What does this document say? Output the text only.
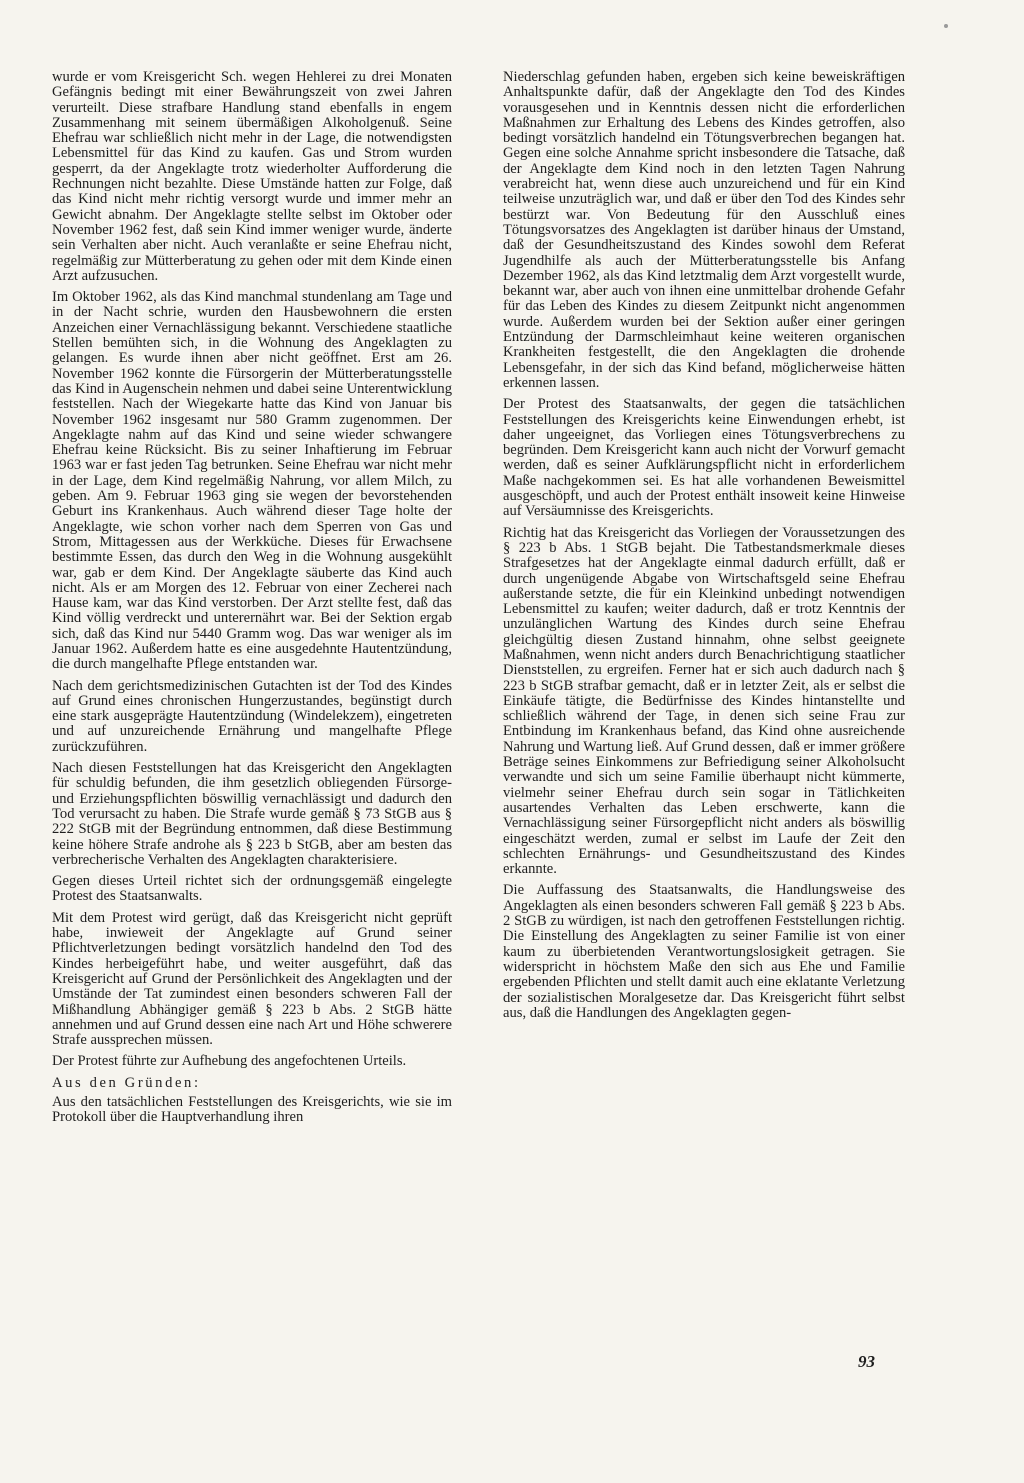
wurde er vom Kreisgericht Sch. wegen Hehlerei zu drei Monaten Gefängnis bedingt mit einer Bewährungszeit von zwei Jahren verurteilt. Diese strafbare Handlung stand ebenfalls in engem Zusammenhang mit seinem übermäßigen Alkoholgenuß. Seine Ehefrau war schließlich nicht mehr in der Lage, die notwendigsten Lebensmittel für das Kind zu kaufen. Gas und Strom wurden gesperrt, da der Angeklagte trotz wiederholter Aufforderung die Rechnungen nicht bezahlte. Diese Umstände hatten zur Folge, daß das Kind nicht mehr richtig versorgt wurde und immer mehr an Gewicht abnahm. Der Angeklagte stellte selbst im Oktober oder November 1962 fest, daß sein Kind immer weniger wurde, änderte sein Verhalten aber nicht. Auch veranlaßte er seine Ehefrau nicht, regelmäßig zur Mütterberatung zu gehen oder mit dem Kinde einen Arzt aufzusuchen.

Im Oktober 1962, als das Kind manchmal stundenlang am Tage und in der Nacht schrie, wurden den Hausbewohnern die ersten Anzeichen einer Vernachlässigung bekannt. Verschiedene staatliche Stellen bemühten sich, in die Wohnung des Angeklagten zu gelangen. Es wurde ihnen aber nicht geöffnet. Erst am 26. November 1962 konnte die Fürsorgerin der Mütterberatungsstelle das Kind in Augenschein nehmen und dabei seine Unterentwicklung feststellen. Nach der Wiegekarte hatte das Kind von Januar bis November 1962 insgesamt nur 580 Gramm zugenommen. Der Angeklagte nahm auf das Kind und seine wieder schwangere Ehefrau keine Rücksicht. Bis zu seiner Inhaftierung im Februar 1963 war er fast jeden Tag betrunken. Seine Ehefrau war nicht mehr in der Lage, dem Kind regelmäßig Nahrung, vor allem Milch, zu geben. Am 9. Februar 1963 ging sie wegen der bevorstehenden Geburt ins Krankenhaus. Auch während dieser Tage holte der Angeklagte, wie schon vorher nach dem Sperren von Gas und Strom, Mittagessen aus der Werkküche. Dieses für Erwachsene bestimmte Essen, das durch den Weg in die Wohnung ausgekühlt war, gab er dem Kind. Der Angeklagte säuberte das Kind auch nicht. Als er am Morgen des 12. Februar von einer Zecherei nach Hause kam, war das Kind verstorben. Der Arzt stellte fest, daß das Kind völlig verdreckt und unterernährt war. Bei der Sektion ergab sich, daß das Kind nur 5440 Gramm wog. Das war weniger als im Januar 1962. Außerdem hatte es eine ausgedehnte Hautentzündung, die durch mangelhafte Pflege entstanden war.

Nach dem gerichtsmedizinischen Gutachten ist der Tod des Kindes auf Grund eines chronischen Hungerzustandes, begünstigt durch eine stark ausgeprägte Hautentzündung (Windelekzem), eingetreten und auf unzureichende Ernährung und mangelhafte Pflege zurückzuführen.

Nach diesen Feststellungen hat das Kreisgericht den Angeklagten für schuldig befunden, die ihm gesetzlich obliegenden Fürsorge- und Erziehungspflichten böswillig vernachlässigt und dadurch den Tod verursacht zu haben. Die Strafe wurde gemäß § 73 StGB aus § 222 StGB mit der Begründung entnommen, daß diese Bestimmung keine höhere Strafe androhe als § 223 b StGB, aber am besten das verbrecherische Verhalten des Angeklagten charakterisiere.

Gegen dieses Urteil richtet sich der ordnungsgemäß eingelegte Protest des Staatsanwalts.

Mit dem Protest wird gerügt, daß das Kreisgericht nicht geprüft habe, inwieweit der Angeklagte auf Grund seiner Pflichtverletzungen bedingt vorsätzlich handelnd den Tod des Kindes herbeigeführt habe, und weiter ausgeführt, daß das Kreisgericht auf Grund der Persönlichkeit des Angeklagten und der Umstände der Tat zumindest einen besonders schweren Fall der Mißhandlung Abhängiger gemäß § 223 b Abs. 2 StGB hätte annehmen und auf Grund dessen eine nach Art und Höhe schwerere Strafe aussprechen müssen.

Der Protest führte zur Aufhebung des angefochtenen Urteils.

Aus den Gründen:

Aus den tatsächlichen Feststellungen des Kreisgerichts, wie sie im Protokoll über die Hauptverhandlung ihren

Niederschlag gefunden haben, ergeben sich keine beweiskräftigen Anhaltspunkte dafür, daß der Angeklagte den Tod des Kindes vorausgesehen und in Kenntnis dessen nicht die erforderlichen Maßnahmen zur Erhaltung des Lebens des Kindes getroffen, also bedingt vorsätzlich handelnd ein Tötungsverbrechen begangen hat. Gegen eine solche Annahme spricht insbesondere die Tatsache, daß der Angeklagte dem Kind noch in den letzten Tagen Nahrung verabreicht hat, wenn diese auch unzureichend und für ein Kind teilweise unzuträglich war, und daß er über den Tod des Kindes sehr bestürzt war. Von Bedeutung für den Ausschluß eines Tötungsvorsatzes des Angeklagten ist darüber hinaus der Umstand, daß der Gesundheitszustand des Kindes sowohl dem Referat Jugendhilfe als auch der Mütterberatungsstelle bis Anfang Dezember 1962, als das Kind letztmalig dem Arzt vorgestellt wurde, bekannt war, aber auch von ihnen eine unmittelbar drohende Gefahr für das Leben des Kindes zu diesem Zeitpunkt nicht angenommen wurde. Außerdem wurden bei der Sektion außer einer geringen Entzündung der Darmschleimhaut keine weiteren organischen Krankheiten festgestellt, die den Angeklagten die drohende Lebensgefahr, in der sich das Kind befand, möglicherweise hätten erkennen lassen.

Der Protest des Staatsanwalts, der gegen die tatsächlichen Feststellungen des Kreisgerichts keine Einwendungen erhebt, ist daher ungeeignet, das Vorliegen eines Tötungsverbrechens zu begründen. Dem Kreisgericht kann auch nicht der Vorwurf gemacht werden, daß es seiner Aufklärungspflicht nicht in erforderlichem Maße nachgekommen sei. Es hat alle vorhandenen Beweismittel ausgeschöpft, und auch der Protest enthält insoweit keine Hinweise auf Versäumnisse des Kreisgerichts.

Richtig hat das Kreisgericht das Vorliegen der Voraussetzungen des § 223 b Abs. 1 StGB bejaht. Die Tatbestandsmerkmale dieses Strafgesetzes hat der Angeklagte einmal dadurch erfüllt, daß er durch ungenügende Abgabe von Wirtschaftsgeld seine Ehefrau außerstande setzte, die für ein Kleinkind unbedingt notwendigen Lebensmittel zu kaufen; weiter dadurch, daß er trotz Kenntnis der unzulänglichen Wartung des Kindes durch seine Ehefrau gleichgültig diesen Zustand hinnahm, ohne selbst geeignete Maßnahmen, wenn nicht anders durch Benachrichtigung staatlicher Dienststellen, zu ergreifen. Ferner hat er sich auch dadurch nach § 223 b StGB strafbar gemacht, daß er in letzter Zeit, als er selbst die Einkäufe tätigte, die Bedürfnisse des Kindes hintanstellte und schließlich während der Tage, in denen sich seine Frau zur Entbindung im Krankenhaus befand, das Kind ohne ausreichende Nahrung und Wartung ließ. Auf Grund dessen, daß er immer größere Beträge seines Einkommens zur Befriedigung seiner Alkoholsucht verwandte und sich um seine Familie überhaupt nicht kümmerte, vielmehr seiner Ehefrau durch sein sogar in Tätlichkeiten ausartendes Verhalten das Leben erschwerte, kann die Vernachlässigung seiner Fürsorgepflicht nicht anders als böswillig eingeschätzt werden, zumal er selbst im Laufe der Zeit den schlechten Ernährungs- und Gesundheitszustand des Kindes erkannte.

Die Auffassung des Staatsanwalts, die Handlungsweise des Angeklagten als einen besonders schweren Fall gemäß § 223 b Abs. 2 StGB zu würdigen, ist nach den getroffenen Feststellungen richtig. Die Einstellung des Angeklagten zu seiner Familie ist von einer kaum zu überbietenden Verantwortungslosigkeit getragen. Sie widerspricht in höchstem Maße den sich aus Ehe und Familie ergebenden Pflichten und stellt damit auch eine eklatante Verletzung der sozialistischen Moralgesetze dar. Das Kreisgericht führt selbst aus, daß die Handlungen des Angeklagten gegen-

93
